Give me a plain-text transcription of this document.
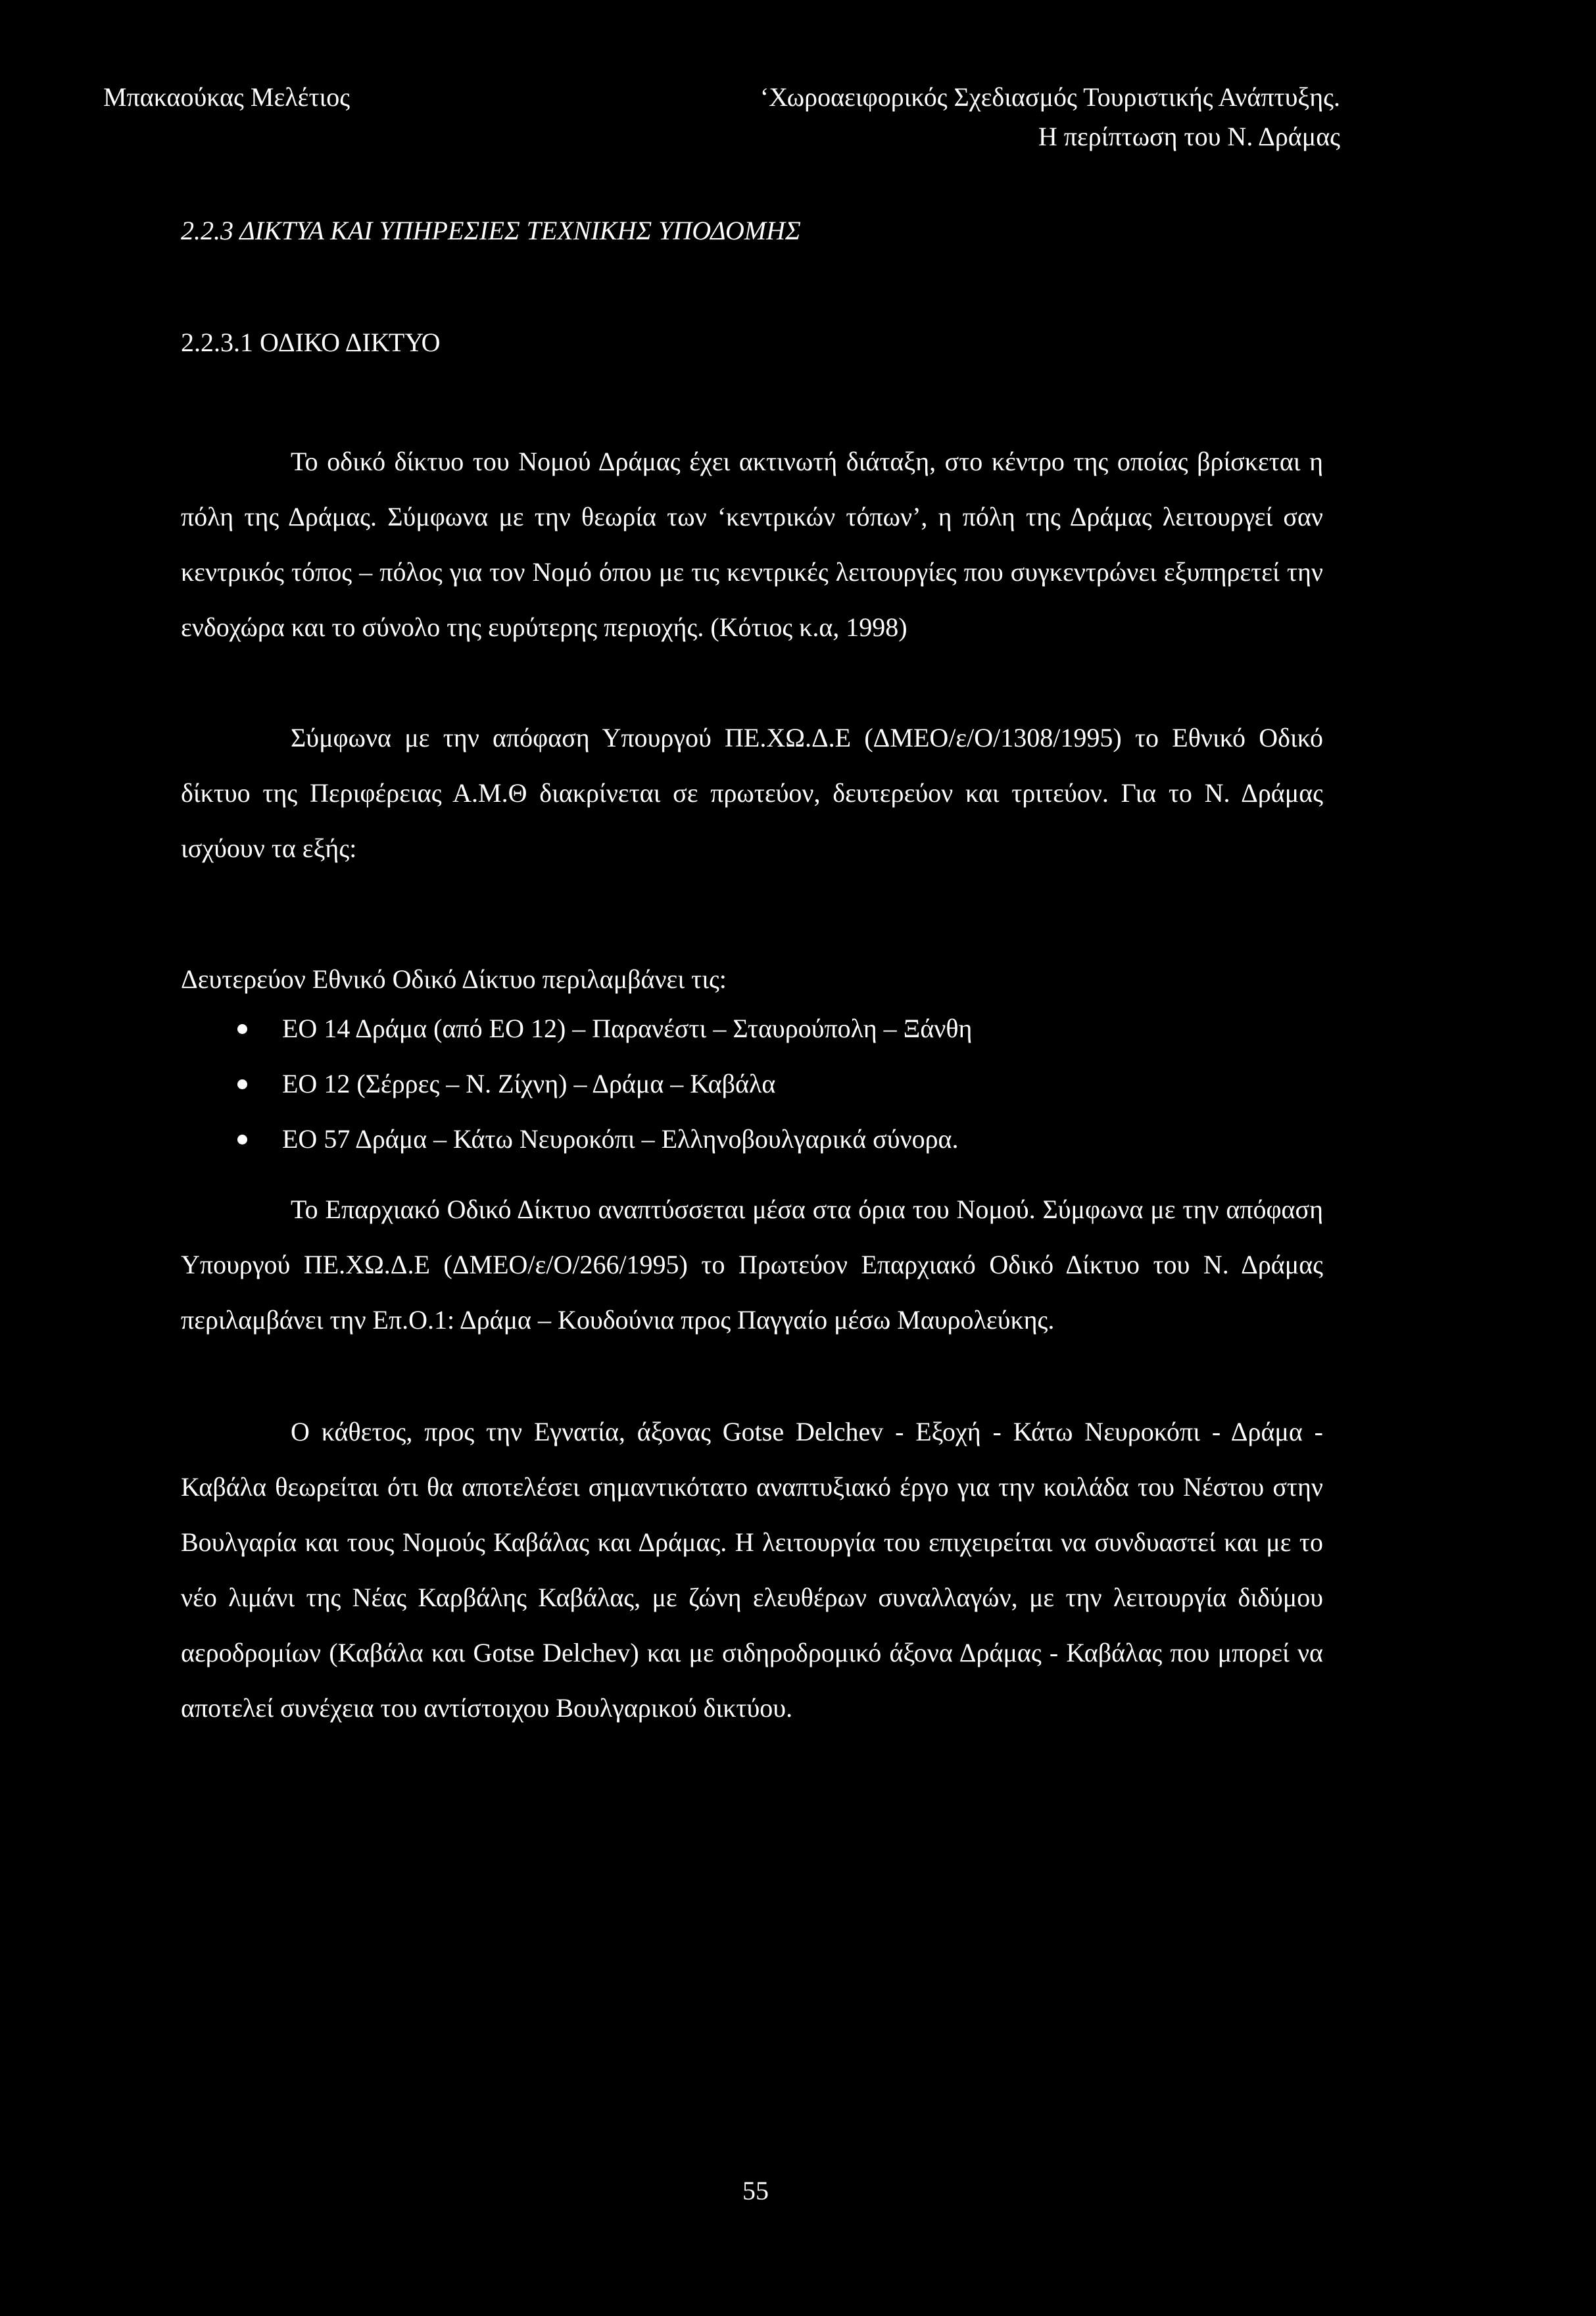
Μπακαούκας Μελέτιος	‘Χωροαειφορικός Σχεδιασμός Τουριστικής Ανάπτυξης.
Η περίπτωση του Ν. Δράμας
2.2.3 ΔΙΚΤΥΑ ΚΑΙ ΥΠΗΡΕΣΙΕΣ ΤΕΧΝΙΚΗΣ ΥΠΟΔΟΜΗΣ
2.2.3.1 ΟΔΙΚΟ ΔΙΚΤΥΟ

Το οδικό δίκτυο του Νομού Δράμας έχει ακτινωτή διάταξη, στο κέντρο της οποίας βρίσκεται η πόλη της Δράμας. Σύμφωνα με την θεωρία των ‘κεντρικών τόπων’, η πόλη της Δράμας λειτουργεί σαν κεντρικός τόπος – πόλος για τον Νομό όπου με τις κεντρικές λειτουργίες που συγκεντρώνει εξυπηρετεί την ενδοχώρα και το σύνολο της ευρύτερης περιοχής. (Κότιος κ.α, 1998)

Σύμφωνα με την απόφαση Υπουργού ΠΕ.ΧΩ.Δ.Ε (ΔΜΕΟ/ε/Ο/1308/1995) το Εθνικό Οδικό δίκτυο της Περιφέρειας Α.Μ.Θ διακρίνεται σε πρωτεύον, δευτερεύον και τριτεύον. Για το Ν. Δράμας ισχύουν τα εξής:

Δευτερεύον Εθνικό Οδικό Δίκτυο περιλαμβάνει τις:

ΕΟ 14 Δράμα (από ΕΟ 12) – Παρανέστι – Σταυρούπολη – Ξάνθη
ΕΟ 12 (Σέρρες – Ν. Ζίχνη) – Δράμα – Καβάλα
ΕΟ 57 Δράμα – Κάτω Νευροκόπι – Ελληνοβουλγαρικά σύνορα.

Το Επαρχιακό Οδικό Δίκτυο αναπτύσσεται μέσα στα όρια του Νομού. Σύμφωνα με την απόφαση Υπουργού ΠΕ.ΧΩ.Δ.Ε (ΔΜΕΟ/ε/Ο/266/1995) το Πρωτεύον Επαρχιακό Οδικό Δίκτυο του Ν. Δράμας περιλαμβάνει την Επ.Ο.1: Δράμα – Κουδούνια προς Παγγαίο μέσω Μαυρολεύκης.

Ο κάθετος, προς την Εγνατία, άξονας Gotse Delchev - Εξοχή - Κάτω Νευροκόπι - Δράμα - Καβάλα θεωρείται ότι θα αποτελέσει σημαντικότατο αναπτυξιακό έργο για την κοιλάδα του Νέστου στην Βουλγαρία και τους Νομούς Καβάλας και Δράμας. Η λειτουργία του επιχειρείται να συνδυαστεί και με το νέο λιμάνι της Νέας Καρβάλης Καβάλας, με ζώνη ελευθέρων συναλλαγών, με την λειτουργία διδύμου αεροδρομίων (Καβάλα και Gotse Delchev) και με σιδηροδρομικό άξονα Δράμας - Καβάλας που μπορεί να αποτελεί συνέχεια του αντίστοιχου Βουλγαρικού δικτύου.

55
